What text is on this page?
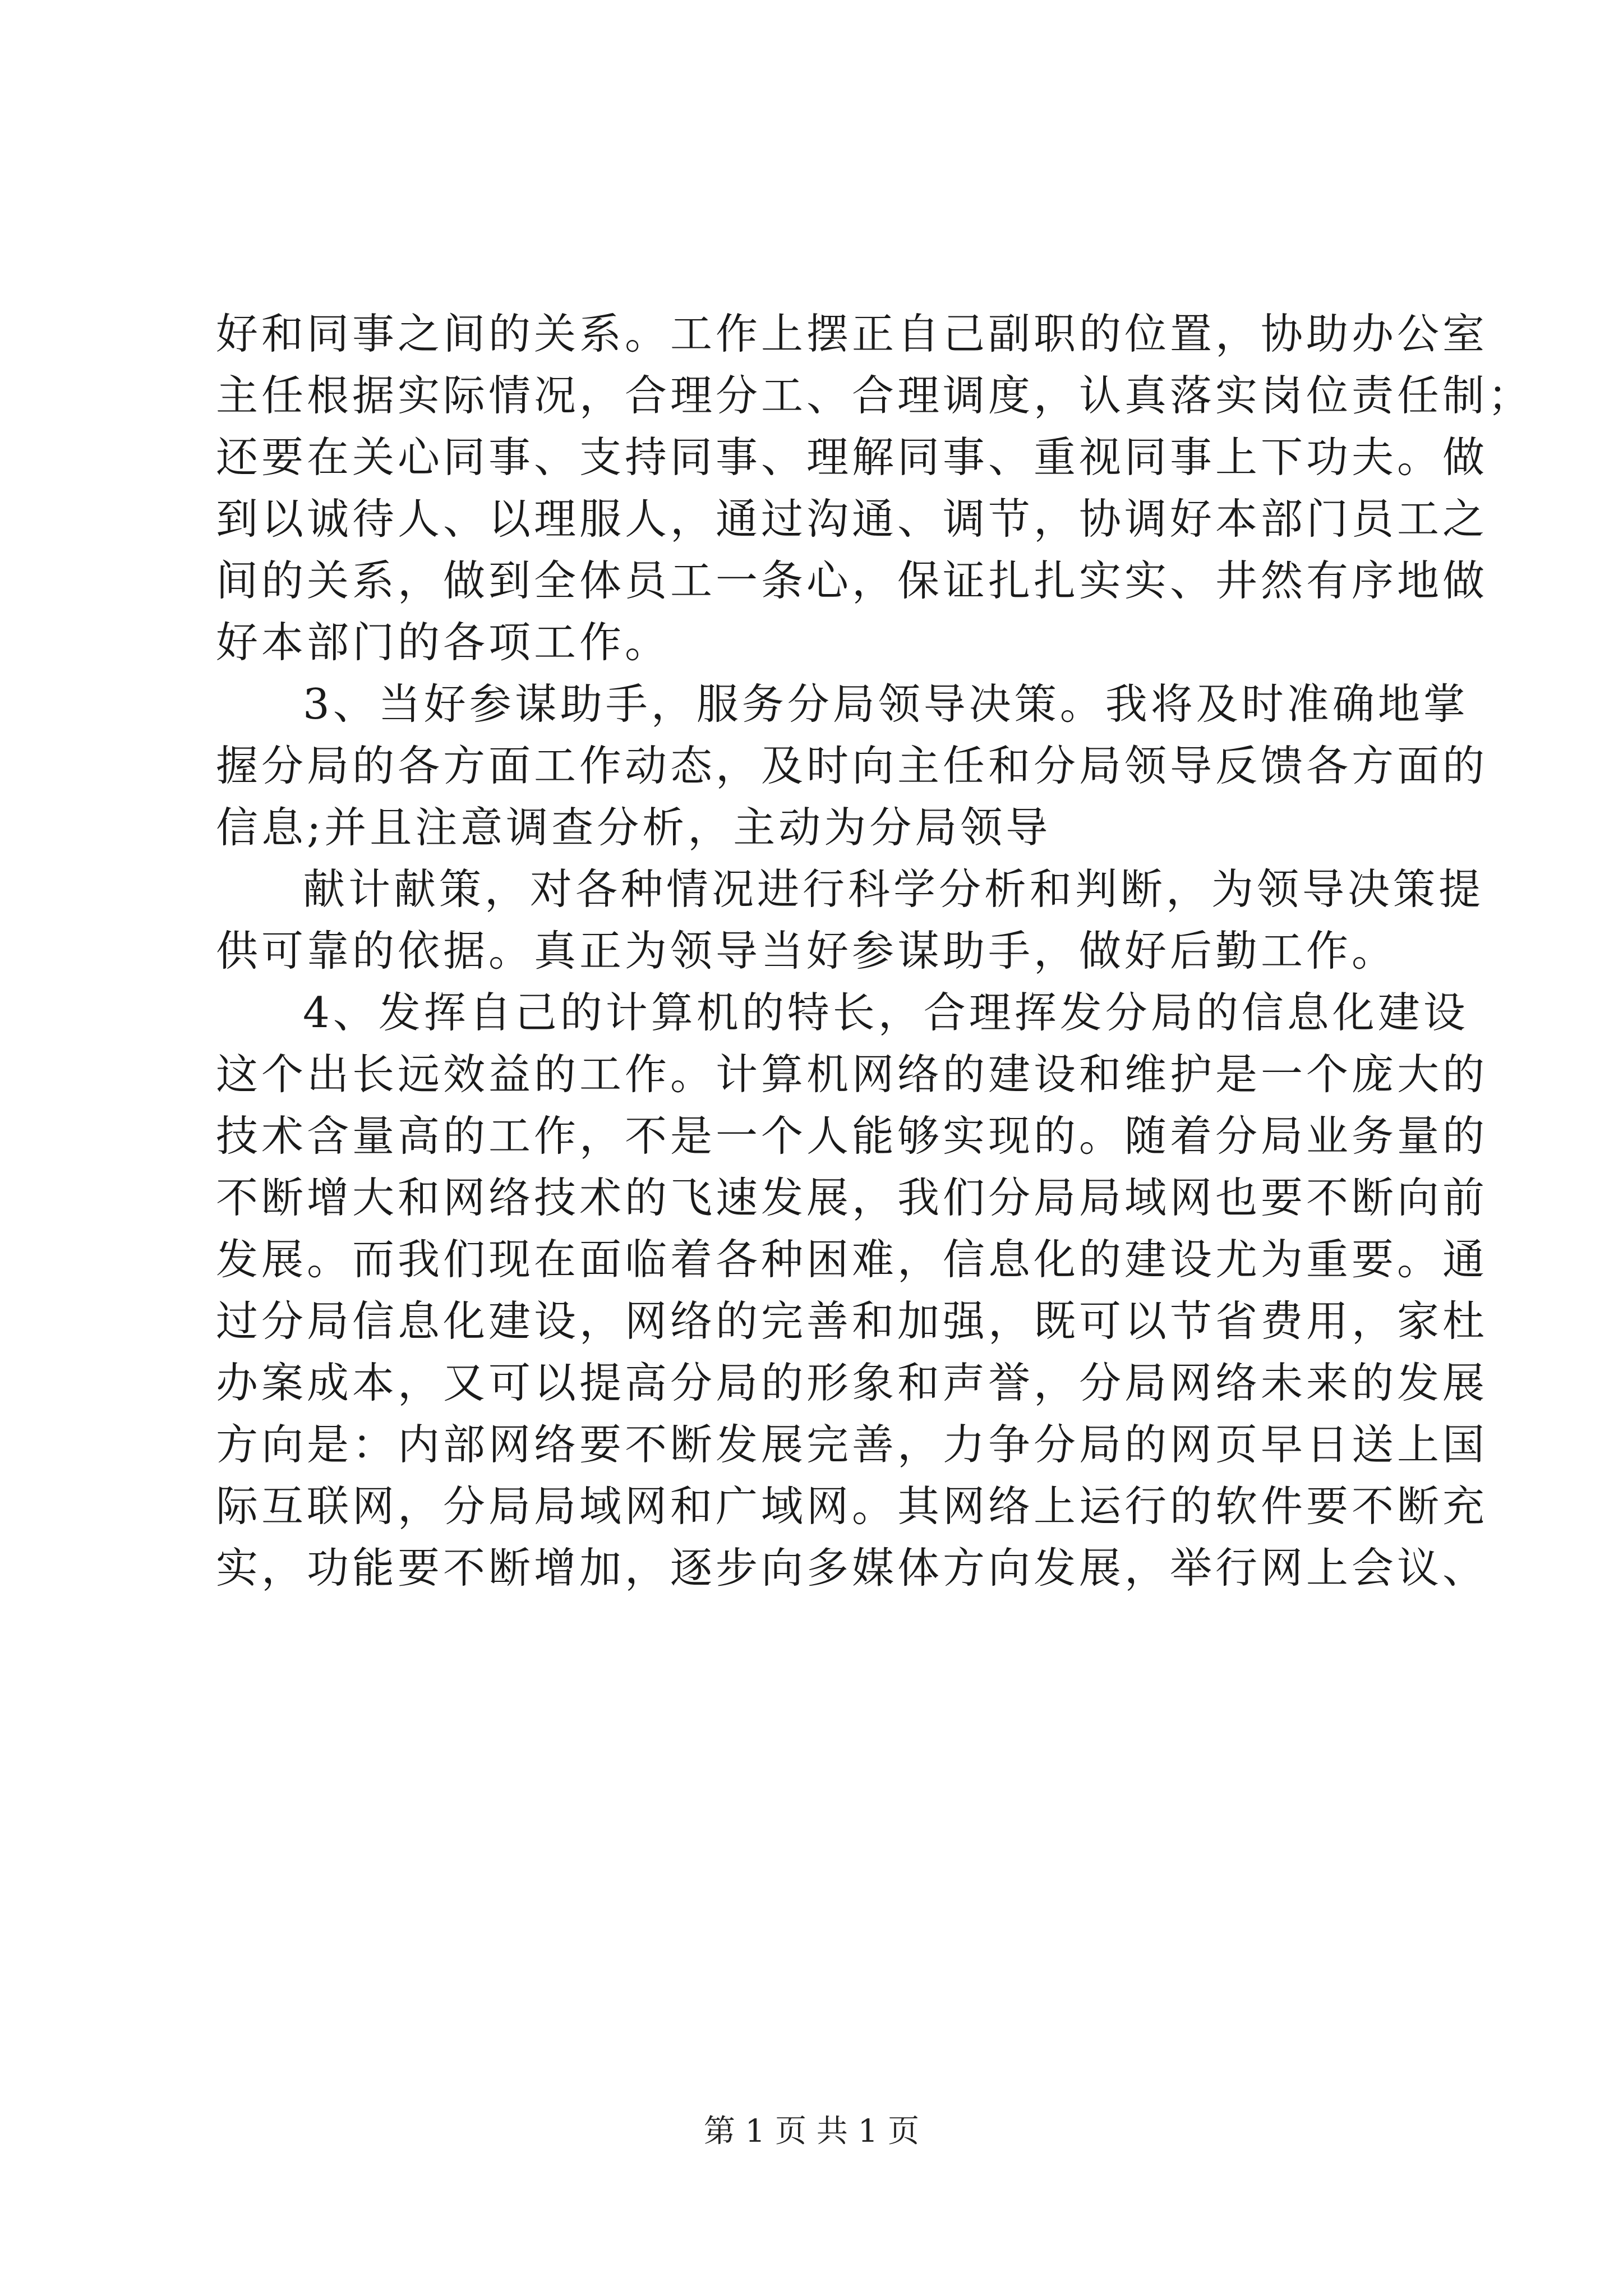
好和同事之间的关系。工作上摆正自己副职的位置，协助办公室
主任根据实际情况，合理分工、合理调度，认真落实岗位责任制；
还要在关心同事、支持同事、理解同事、重视同事上下功夫。做
到以诚待人、以理服人，通过沟通、调节，协调好本部门员工之
间的关系，做到全体员工一条心，保证扎扎实实、井然有序地做
好本部门的各项工作。
3、当好参谋助手，服务分局领导决策。我将及时准确地掌
握分局的各方面工作动态，及时向主任和分局领导反馈各方面的
信息;并且注意调查分析，主动为分局领导
献计献策，对各种情况进行科学分析和判断，为领导决策提
供可靠的依据。真正为领导当好参谋助手，做好后勤工作。
4、发挥自己的计算机的特长，合理挥发分局的信息化建设
这个出长远效益的工作。计算机网络的建设和维护是一个庞大的
技术含量高的工作，不是一个人能够实现的。随着分局业务量的
不断增大和网络技术的飞速发展，我们分局局域网也要不断向前
发展。而我们现在面临着各种困难，信息化的建设尤为重要。通
过分局信息化建设，网络的完善和加强，既可以节省费用，家杜
办案成本，又可以提高分局的形象和声誉，分局网络未来的发展
方向是：内部网络要不断发展完善，力争分局的网页早日送上国
际互联网，分局局域网和广域网。其网络上运行的软件要不断充
实，功能要不断增加，逐步向多媒体方向发展，举行网上会议、
第 1 页 共 1 页
